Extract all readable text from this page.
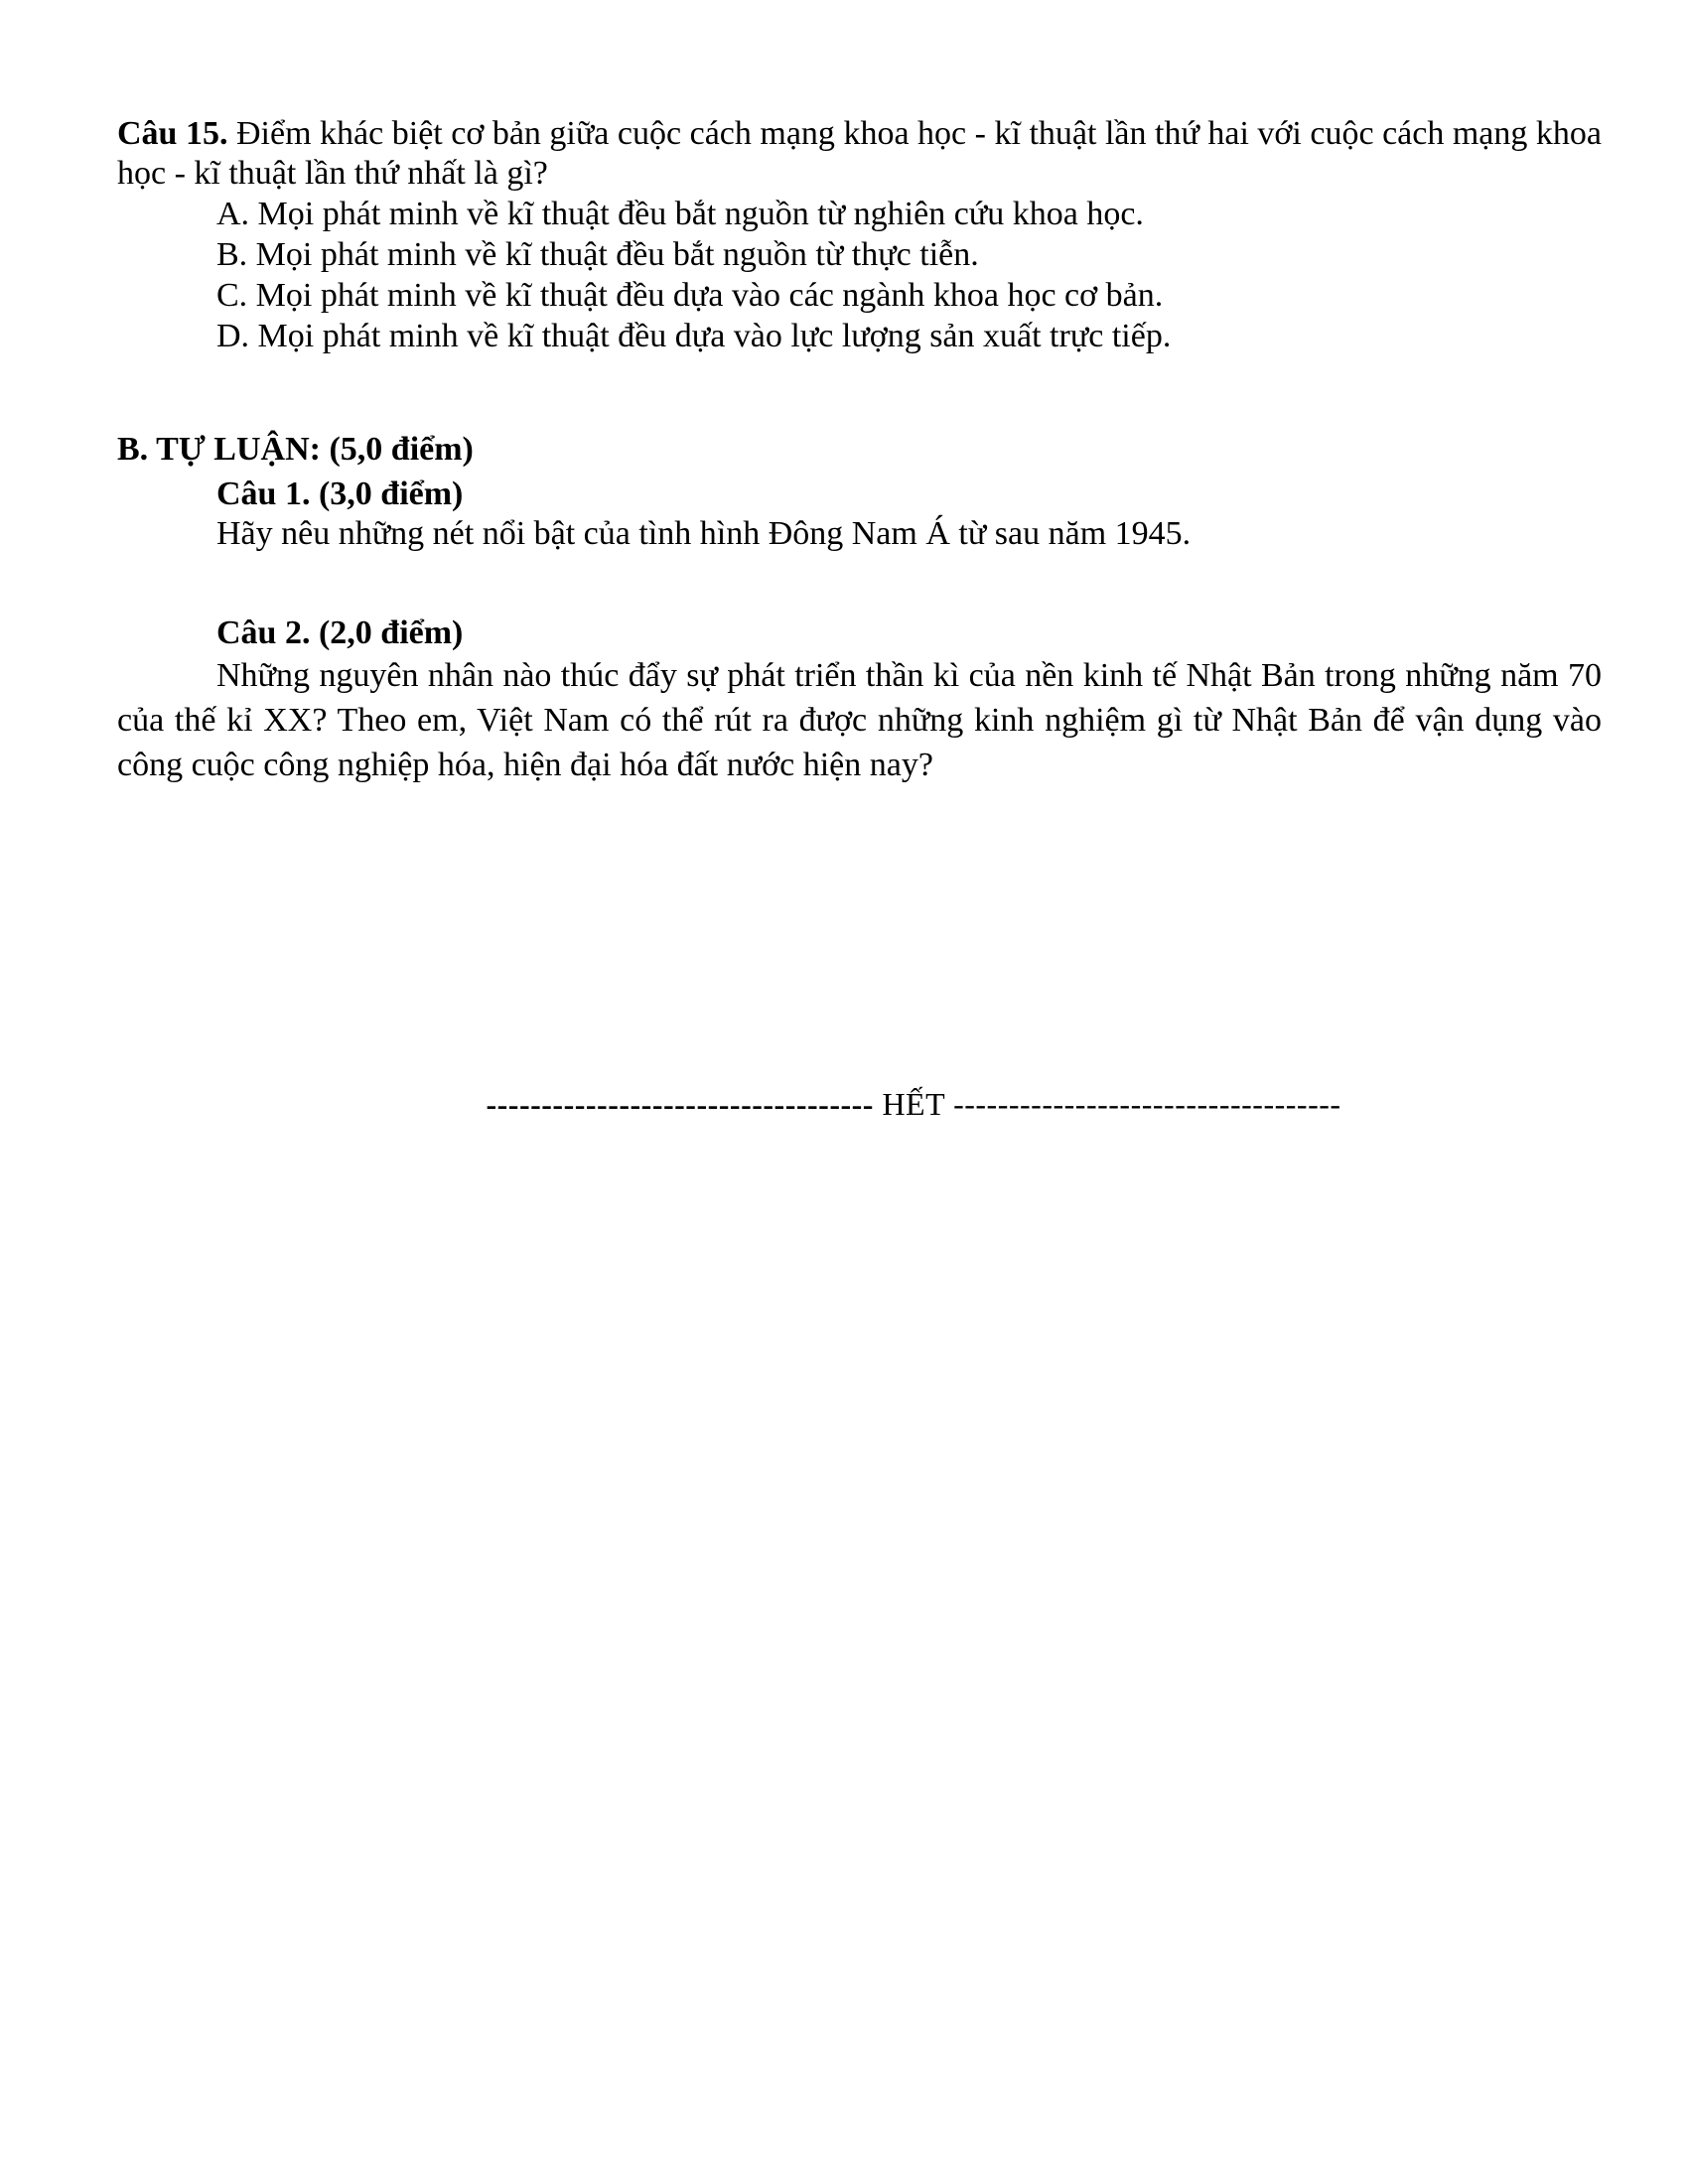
Câu 15. Điểm khác biệt cơ bản giữa cuộc cách mạng khoa học - kĩ thuật lần thứ hai với cuộc cách mạng khoa học - kĩ thuật lần thứ nhất là gì?

A. Mọi phát minh về kĩ thuật đều bắt nguồn từ nghiên cứu khoa học.
B. Mọi phát minh về kĩ thuật đều bắt nguồn từ thực tiễn.
C. Mọi phát minh về kĩ thuật đều dựa vào các ngành khoa học cơ bản.
D. Mọi phát minh về kĩ thuật đều dựa vào lực lượng sản xuất trực tiếp.
B. TỰ LUẬN: (5,0 điểm)
Câu 1. (3,0 điểm)
Hãy nêu những nét nổi bật của tình hình Đông Nam Á từ sau năm 1945.
Câu 2. (2,0 điểm)

Những nguyên nhân nào thúc đẩy sự phát triển thần kì của nền kinh tế Nhật Bản trong những năm 70 của thế kỉ XX? Theo em, Việt Nam có thể rút ra được những kinh nghiệm gì từ Nhật Bản để vận dụng vào công cuộc công nghiệp hóa, hiện đại hóa đất nước hiện nay?

----------------------------------- HẾT -----------------------------------
